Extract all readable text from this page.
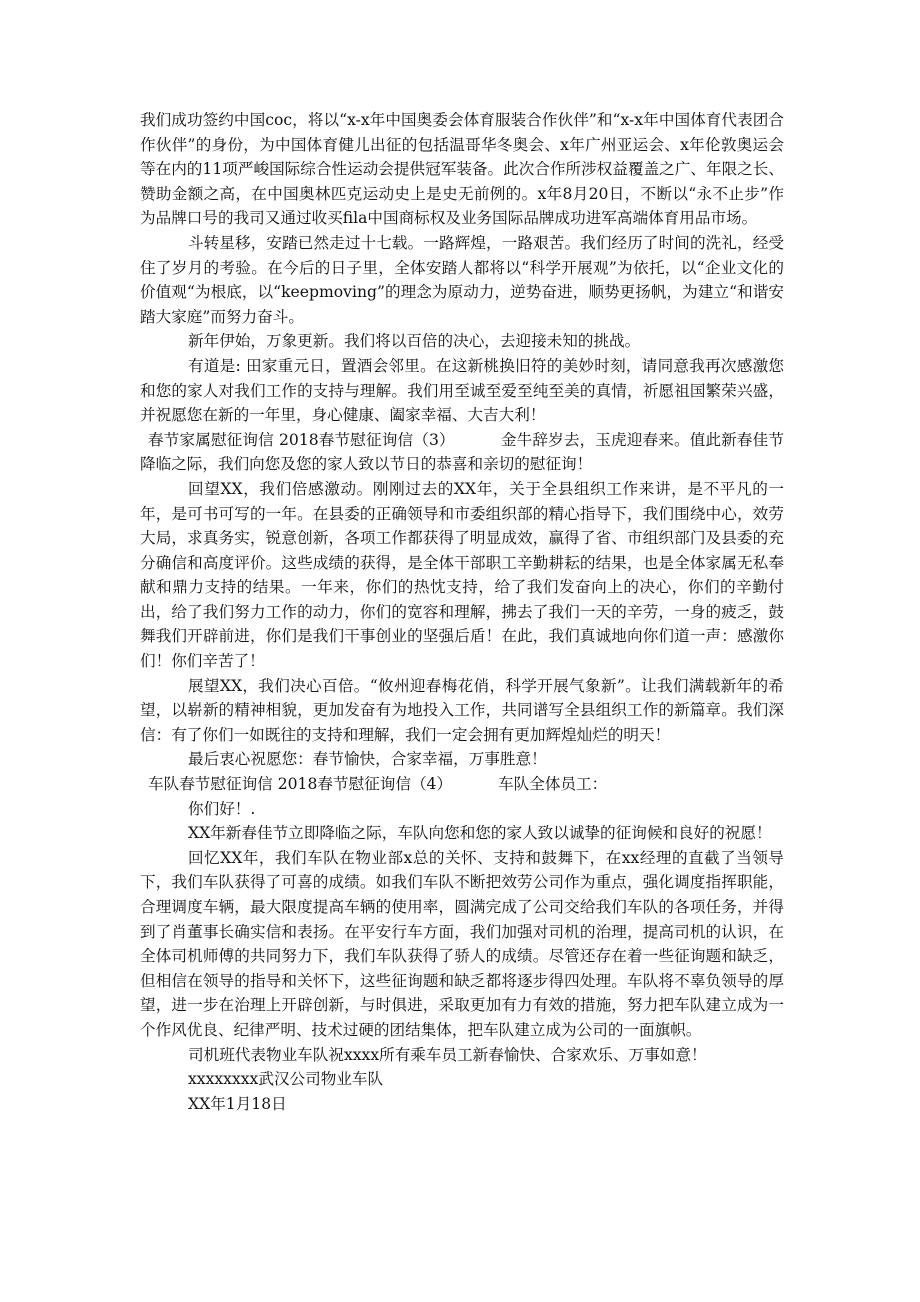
我们成功签约中国coc，将以“x-x年中国奥委会体育服装合作伙伴”和“x-x年中国体育代表团合作伙伴”的身份，为中国体育健儿出征的包括温哥华冬奥会、x年广州亚运会、x年伦敦奥运会等在内的11项严峻国际综合性运动会提供冠军装备。此次合作所涉权益覆盖之广、年限之长、赞助金额之高，在中国奥林匹克运动史上是史无前例的。x年8月20日，不断以“永不止步”作为品牌口号的我司又通过收买fila中国商标权及业务国际品牌成功进军高端体育用品市场。

斗转星移，安踏已然走过十七载。一路辉煌，一路艰苦。我们经历了时间的洗礼，经受住了岁月的考验。在今后的日子里，全体安踏人都将以“科学开展观”为依托，以“企业文化的价值观“为根底，以“keepmoving”的理念为原动力，逆势奋进，顺势更扬帆，为建立“和谐安踏大家庭”而努力奋斗。

新年伊始，万象更新。我们将以百倍的决心，去迎接未知的挑战。

有道是: 田家重元日，置酒会邻里。在这新桃换旧符的美妙时刻，请同意我再次感激您和您的家人对我们工作的支持与理解。我们用至诚至爱至纯至美的真情，祈愿祖国繁荣兴盛，并祝愿您在新的一年里，身心健康、阖家幸福、大吉大利！

春节家属慰征询信 2018春节慰征询信（3）	金牛辞岁去，玉虎迎春来。值此新春佳节降临之际，我们向您及您的家人致以节日的恭喜和亲切的慰征询！

回望XX，我们倍感激动。刚刚过去的XX年，关于全县组织工作来讲，是不平凡的一年，是可书可写的一年。在县委的正确领导和市委组织部的精心指导下，我们围绕中心，效劳大局，求真务实，锐意创新，各项工作都获得了明显成效，赢得了省、市组织部门及县委的充分确信和高度评价。这些成绩的获得，是全体干部职工辛勤耕耘的结果，也是全体家属无私奉献和鼎力支持的结果。一年来，你们的热忱支持，给了我们发奋向上的决心，你们的辛勤付出，给了我们努力工作的动力，你们的宽容和理解，拂去了我们一天的辛劳，一身的疲乏，鼓舞我们开辟前进，你们是我们干事创业的坚强后盾！在此，我们真诚地向你们道一声：感激你们！你们辛苦了！

展望XX，我们决心百倍。“攸州迎春梅花俏，科学开展气象新”。让我们满载新年的希望，以崭新的精神相貌，更加发奋有为地投入工作，共同谱写全县组织工作的新篇章。我们深信：有了你们一如既往的支持和理解，我们一定会拥有更加辉煌灿烂的明天！

最后衷心祝愿您：春节愉快，合家幸福，万事胜意！

车队春节慰征询信 2018春节慰征询信（4）	车队全体员工：

你们好！.

XX年新春佳节立即降临之际，车队向您和您的家人致以诚挚的征询候和良好的祝愿！

回忆XX年，我们车队在物业部x总的关怀、支持和鼓舞下，在xx经理的直截了当领导下，我们车队获得了可喜的成绩。如我们车队不断把效劳公司作为重点，强化调度指挥职能，合理调度车辆，最大限度提高车辆的使用率，圆满完成了公司交给我们车队的各项任务，并得到了肖董事长确实信和表扬。在平安行车方面，我们加强对司机的治理，提高司机的认识，在全体司机师傅的共同努力下，我们车队获得了骄人的成绩。尽管还存在着一些征询题和缺乏，但相信在领导的指导和关怀下，这些征询题和缺乏都将逐步得四处理。车队将不辜负领导的厚望，进一步在治理上开辟创新，与时俱进，采取更加有力有效的措施，努力把车队建立成为一个作风优良、纪律严明、技术过硬的团结集体，把车队建立成为公司的一面旗帜。

司机班代表物业车队祝xxxx所有乘车员工新春愉快、合家欢乐、万事如意！

xxxxxxxx武汉公司物业车队

XX年1月18日
